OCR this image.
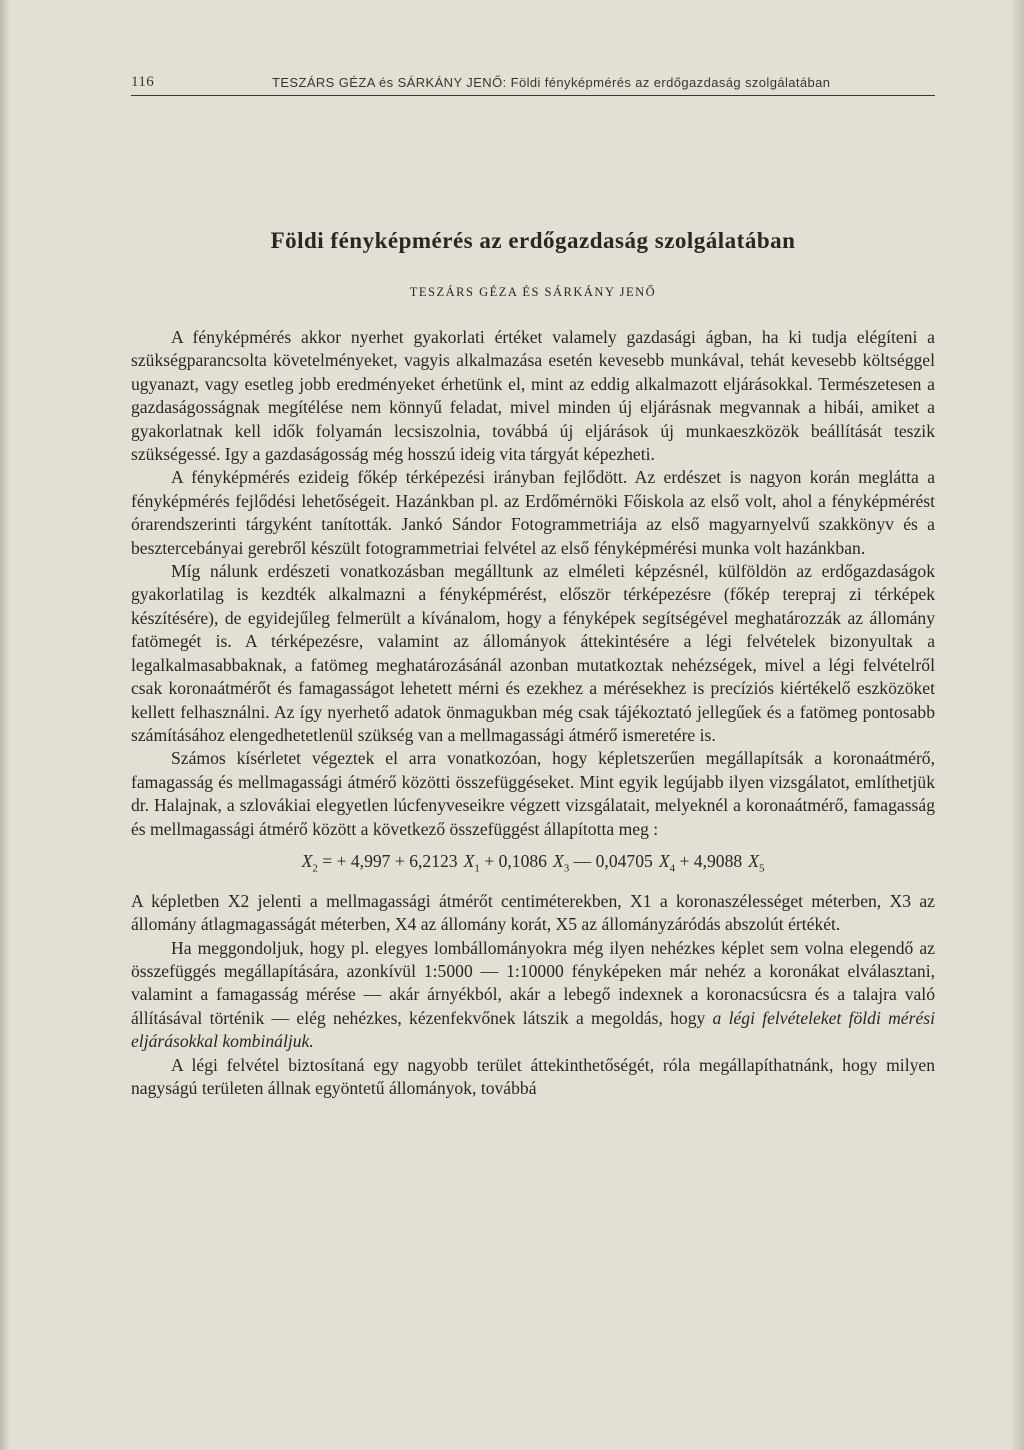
116	TESZÁRS GÉZA és SÁRKÁNY JENŐ: Földi fényképmérés az erdőgazdaság szolgálatában
Földi fényképmérés az erdőgazdaság szolgálatában
TESZÁRS GÉZA ÉS SÁRKÁNY JENŐ

A fényképmérés akkor nyerhet gyakorlati értéket valamely gazdasági ágban, ha ki tudja elégíteni a szükségparancsolta követelményeket, vagyis alkalmazása esetén kevesebb munkával, tehát kevesebb költséggel ugyanazt, vagy esetleg jobb eredményeket érhetünk el, mint az eddig alkalmazott eljárásokkal. Természetesen a gazdaságosságnak megítélése nem könnyű feladat, mivel minden új eljárásnak megvannak a hibái, amiket a gyakorlatnak kell idők folyamán lecsiszolnia, továbbá új eljárások új munkaeszközök beállítását teszik szükségessé. Igy a gazdaságosság még hosszú ideig vita tárgyát képezheti.

A fényképmérés ezideig főkép térképezési irányban fejlődött. Az erdészet is nagyon korán meglátta a fényképmérés fejlődési lehetőségeit. Hazánkban pl. az Erdőmérnöki Főiskola az első volt, ahol a fényképmérést órarendszerinti tárgyként tanították. Jankó Sándor Fotogrammetriája az első magyarnyelvű szakkönyv és a besztercebányai gerebről készült fotogrammetriai felvétel az első fényképmérési munka volt hazánkban.

Míg nálunk erdészeti vonatkozásban megálltunk az elméleti képzésnél, külföldön az erdőgazdaságok gyakorlatilag is kezdték alkalmazni a fényképmérést, először térképezésre (főkép terepraj zi térképek készítésére), de egyidejűleg felmerült a kívánalom, hogy a fényképek segítségével meghatározzák az állomány fatömegét is. A térképezésre, valamint az állományok áttekintésére a légi felvételek bizonyultak a legalkalmasabbaknak, a fatömeg meghatározásánál azonban mutatkoztak nehézségek, mivel a légi felvételről csak koronaátmérőt és famagasságot lehetett mérni és ezekhez a mérésekhez is precíziós kiértékelő eszközöket kellett felhasználni. Az így nyerhető adatok önmagukban még csak tájékoztató jellegűek és a fatömeg pontosabb számításához elengedhetetlenül szükség van a mellmagassági átmérő ismeretére is.

Számos kísérletet végeztek el arra vonatkozóan, hogy képletszerűen megállapítsák a koronaátmérő, famagasság és mellmagassági átmérő közötti összefüggéseket. Mint egyik legújabb ilyen vizsgálatot, említhetjük dr. Halajnak, a szlovákiai elegyetlen lúcfenyveseikre végzett vizsgálatait, melyeknél a koronaátmérő, famagasság és mellmagassági átmérő között a következő összefüggést állapította meg :

$X_2$ = + 4,997 + 6,2123 $X_1 + 0,1086$ $X_3$ — 0,04705 $X_4 + 4,9088$ $X_5$

A képletben X2 jelenti a mellmagassági átmérőt centiméterekben, X1 a koronaszélességet méterben, X3 az állomány átlagmagasságát méterben, X4 az állomány korát, X5 az állományzáródás abszolút értékét.

Ha meggondoljuk, hogy pl. elegyes lombállományokra még ilyen nehézkes képlet sem volna elegendő az összefüggés megállapítására, azonkívül 1:5000 — 1:10000 fényképeken már nehéz a koronákat elválasztani, valamint a famagasság mérése — akár árnyékból, akár a lebegő indexnek a koronacsúcsra és a talajra való állításával történik — elég nehézkes, kézenfekvőnek látszik a megoldás, hogy a légi felvételeket földi mérési eljárásokkal kombináljuk.

A légi felvétel biztosítaná egy nagyobb terület áttekinthetőségét, róla megállapíthatnánk, hogy milyen nagyságú területen állnak egyöntetű állományok, továbbá
